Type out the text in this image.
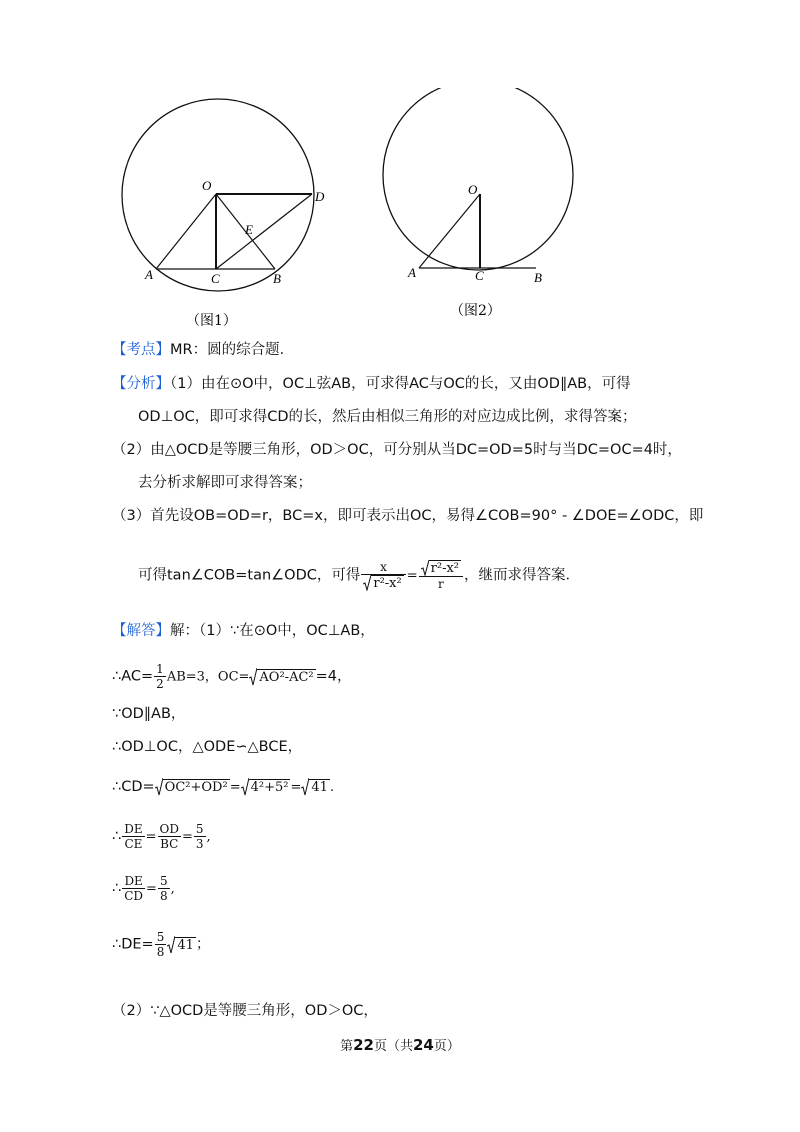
O
D
E
A	C	B
（图1）
O
A	C	B
（图2）
【考点】MR：圆的综合题．
【分析】（1）由在⊙O中，OC⊥弦AB，可求得AC与OC的长，又由OD∥AB，可得
OD⊥OC，即可求得CD的长，然后由相似三角形的对应边成比例，求得答案；
（2）由△OCD是等腰三角形，OD＞OC，可分别从当DC=OD=5时与当DC=OC=4时，
去分析求解即可求得答案；
（3）首先设OB=OD=r，BC=x，即可表示出OC，易得∠COB=90° - ∠DOE=∠ODC，即
可得tan∠COB=tan∠ODC，可得 $\frac{x}{\text{r²-x²}} = \frac{\text{r²-x²}}{r}$ ，继而求得答案．
【解答】解：（1）∵在⊙O中，OC⊥AB，
∴AC= $\frac{1}{2} AB=3$，OC= AO²-AC² =4，
∵OD∥AB，
∴OD⊥OC，△ODE∽△BCE，
∴CD= OC²+OD² = 4²+5² = 41 .
∴ $\frac{DE}{CE} = \frac{OD}{BC} = \frac{5}{3}$ ,
∴ $\frac{DE}{CD} = \frac{5}{8}$ ,
∴DE= $\frac{5}{8} 41$ ；
（2）∵△OCD是等腰三角形，OD＞OC，
第22页（共24页）
